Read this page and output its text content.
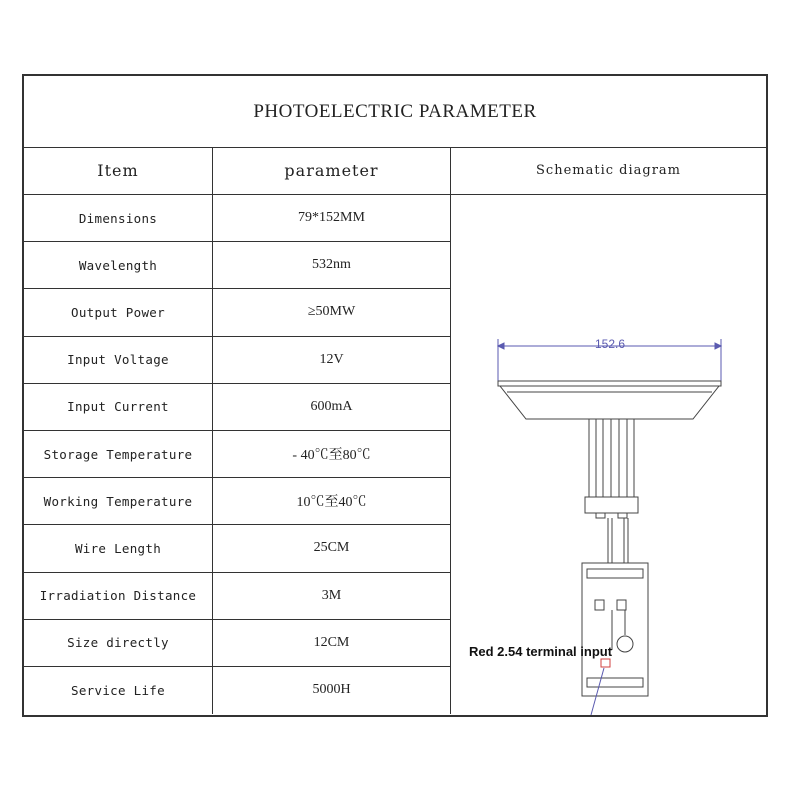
PHOTOELECTRIC PARAMETER
Item	parameter	Schematic diagram
Dimensions	79*152MM
Wavelength	532nm
Output Power	≥50MW
Input Voltage	12V
Input Current	600mA
Storage Temperature	- 40℃至80℃
Working Temperature	10℃至40℃
Wire Length	25CM
Irradiation Distance	3M
Size directly	12CM
Service Life	5000H
152.6
Red 2.54 terminal input
